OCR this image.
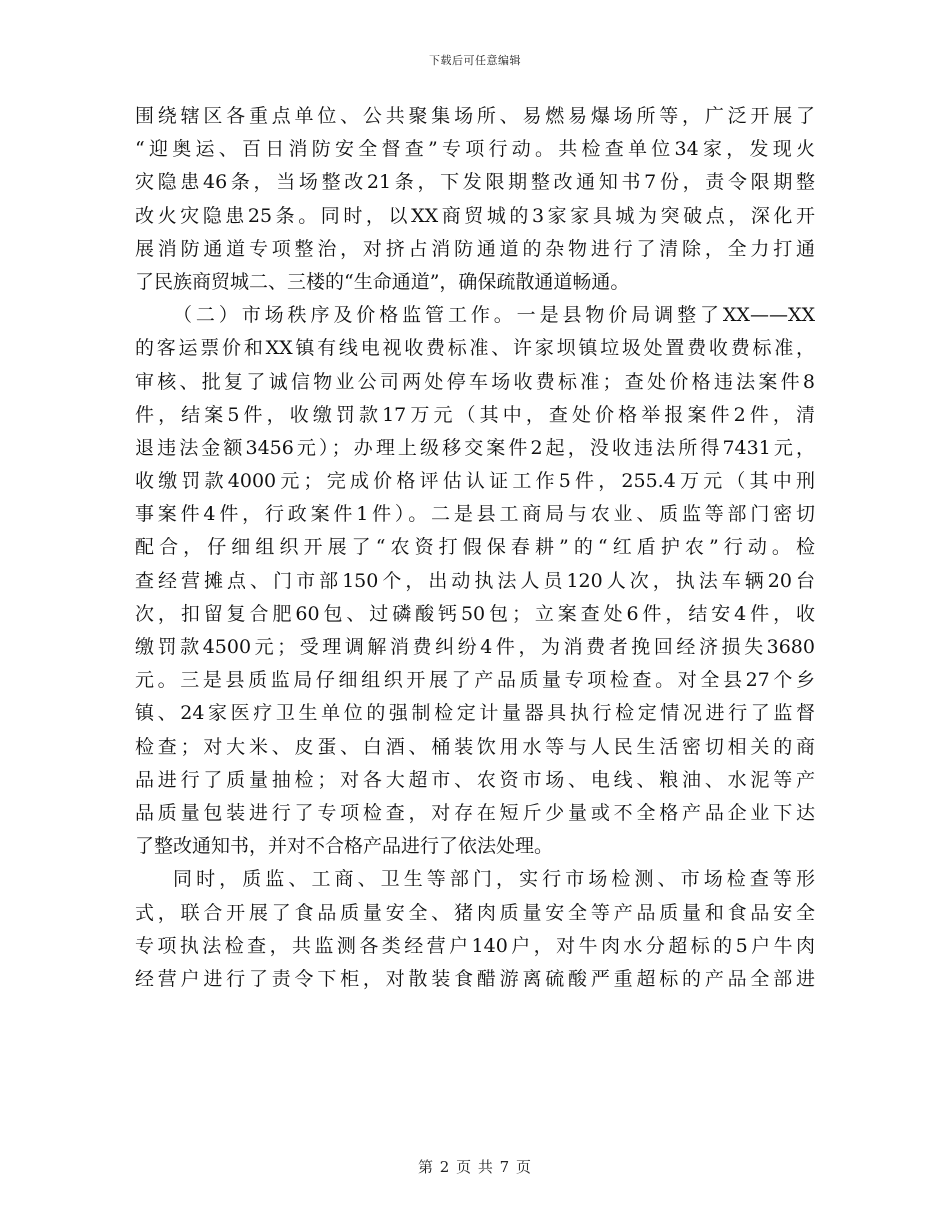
下载后可任意编辑
围绕辖区各重点单位、公共聚集场所、易燃易爆场所等，广泛开展了
“迎奥运、百日消防安全督查”专项行动。共检查单位34家，发现火
灾隐患46条，当场整改21条，下发限期整改通知书7份，责令限期整
改火灾隐患25条。同时，以XX商贸城的3家家具城为突破点，深化开
展消防通道专项整治，对挤占消防通道的杂物进行了清除，全力打通
了民族商贸城二、三楼的“生命通道”，确保疏散通道畅通。
（二）市场秩序及价格监管工作。一是县物价局调整了XX——XX
的客运票价和XX镇有线电视收费标准、许家坝镇垃圾处置费收费标准，
审核、批复了诚信物业公司两处停车场收费标准；查处价格违法案件8
件，结案5件，收缴罚款17万元（其中，查处价格举报案件2件，清
退违法金额3456元）；办理上级移交案件2起，没收违法所得7431元，
收缴罚款4000元；完成价格评估认证工作5件，255.4万元（其中刑
事案件4件，行政案件1件）。二是县工商局与农业、质监等部门密切
配合，仔细组织开展了“农资打假保春耕”的“红盾护农”行动。检
查经营摊点、门市部150个，出动执法人员120人次，执法车辆20台
次，扣留复合肥60包、过磷酸钙50包；立案查处6件，结安4件，收
缴罚款4500元；受理调解消费纠纷4件，为消费者挽回经济损失3680
元。三是县质监局仔细组织开展了产品质量专项检查。对全县27个乡
镇、24家医疗卫生单位的强制检定计量器具执行检定情况进行了监督
检查；对大米、皮蛋、白酒、桶装饮用水等与人民生活密切相关的商
品进行了质量抽检；对各大超市、农资市场、电线、粮油、水泥等产
品质量包装进行了专项检查，对存在短斤少量或不全格产品企业下达
了整改通知书，并对不合格产品进行了依法处理。
同时，质监、工商、卫生等部门，实行市场检测、市场检查等形
式，联合开展了食品质量安全、猪肉质量安全等产品质量和食品安全
专项执法检查，共监测各类经营户140户，对牛肉水分超标的5户牛肉
经营户进行了责令下柜，对散装食醋游离硫酸严重超标的产品全部进
第 2 页 共 7 页
